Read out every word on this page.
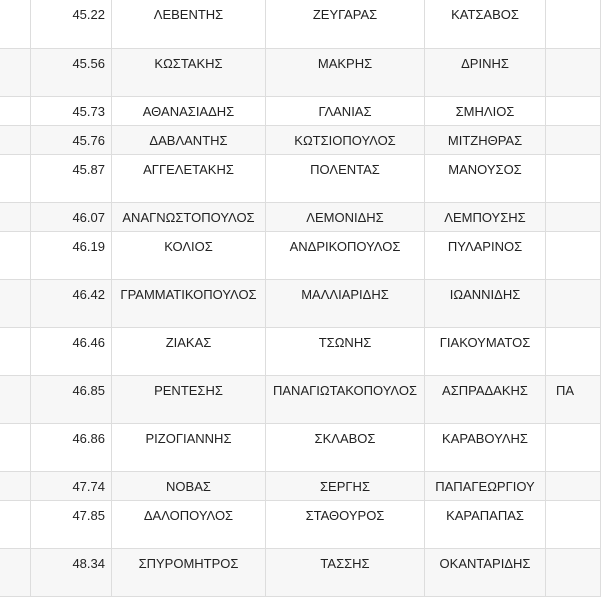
	45.22	ΛΕΒΕΝΤΗΣ	ΖΕΥΓΑΡΑΣ	ΚΑΤΣΑΒΟΣ	
	45.56	ΚΩΣΤΑΚΗΣ	ΜΑΚΡΗΣ	ΔΡΙΝΗΣ	
	45.73	ΑΘΑΝΑΣΙΑΔΗΣ	ΓΛΑΝΙΑΣ	ΣΜΗΛΙΟΣ	
	45.76	ΔΑΒΛΑΝΤΗΣ	ΚΩΤΣΙΟΠΟΥΛΟΣ	ΜΙΤΖΗΘΡΑΣ	
	45.87	ΑΓΓΕΛΕΤΑΚΗΣ	ΠΟΛΕΝΤΑΣ	ΜΑΝΟΥΣΟΣ	
	46.07	ΑΝΑΓΝΩΣΤΟΠΟΥΛΟΣ	ΛΕΜΟΝΙΔΗΣ	ΛΕΜΠΟΥΣΗΣ	
	46.19	ΚΟΛΙΟΣ	ΑΝΔΡΙΚΟΠΟΥΛΟΣ	ΠΥΛΑΡΙΝΟΣ	
	46.42	ΓΡΑΜΜΑΤΙΚΟΠΟΥΛΟΣ	ΜΑΛΛΙΑΡΙΔΗΣ	ΙΩΑΝΝΙΔΗΣ	
	46.46	ΖΙΑΚΑΣ	ΤΣΩΝΗΣ	ΓΙΑΚΟΥΜΑΤΟΣ	
	46.85	ΡΕΝΤΕΣΗΣ	ΠΑΝΑΓΙΩΤΑΚΟΠΟΥΛΟΣ	ΑΣΠΡΑΔΑΚΗΣ	ΠΑ
	46.86	ΡΙΖΟΓΙΑΝΝΗΣ	ΣΚΛΑΒΟΣ	ΚΑΡΑΒΟΥΛΗΣ	
	47.74	ΝΟΒΑΣ	ΣΕΡΓΗΣ	ΠΑΠΑΓΕΩΡΓΙΟΥ	
	47.85	ΔΑΛΟΠΟΥΛΟΣ	ΣΤΑΘΟΥΡΟΣ	ΚΑΡΑΠΑΠΑΣ	
	48.34	ΣΠΥΡΟΜΗΤΡΟΣ	ΤΑΣΣΗΣ	ΟΚΑΝΤΑΡΙΔΗΣ	
